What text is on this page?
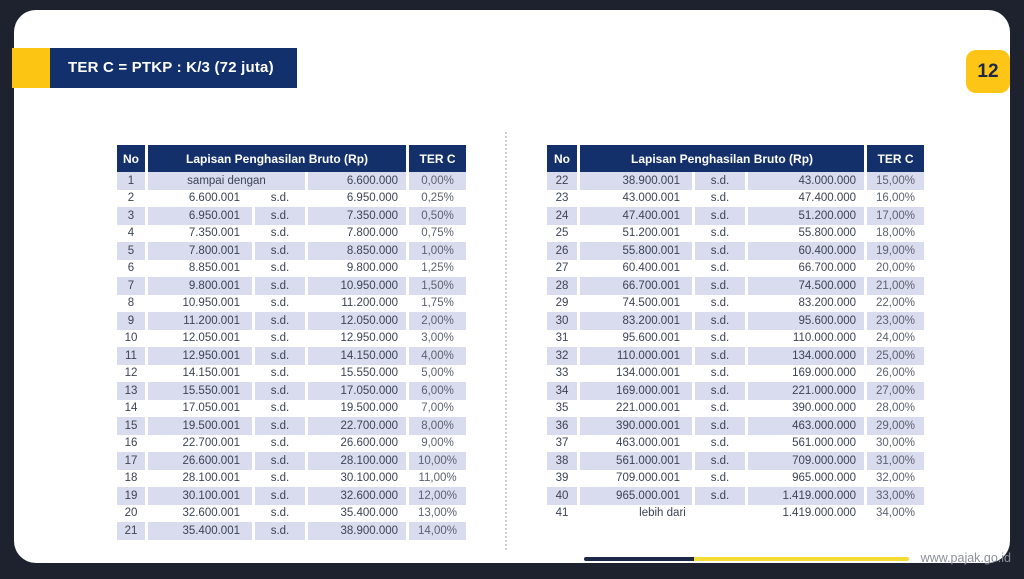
No	Lapisan Penghasilan Bruto (Rp)			TER C
1	sampai dengan		6.600.000	0,00%
2	6.600.001	s.d.	6.950.000	0,25%
3	6.950.001	s.d.	7.350.000	0,50%
4	7.350.001	s.d.	7.800.000	0,75%
5	7.800.001	s.d.	8.850.000	1,00%
6	8.850.001	s.d.	9.800.000	1,25%
7	9.800.001	s.d.	10.950.000	1,50%
8	10.950.001	s.d.	11.200.000	1,75%
9	11.200.001	s.d.	12.050.000	2,00%
10	12.050.001	s.d.	12.950.000	3,00%
11	12.950.001	s.d.	14.150.000	4,00%
12	14.150.001	s.d.	15.550.000	5,00%
13	15.550.001	s.d.	17.050.000	6,00%
14	17.050.001	s.d.	19.500.000	7,00%
15	19.500.001	s.d.	22.700.000	8,00%
16	22.700.001	s.d.	26.600.000	9,00%
17	26.600.001	s.d.	28.100.000	10,00%
18	28.100.001	s.d.	30.100.000	11,00%
19	30.100.001	s.d.	32.600.000	12,00%
20	32.600.001	s.d.	35.400.000	13,00%
21	35.400.001	s.d.	38.900.000	14,00%
No	Lapisan Penghasilan Bruto (Rp)			TER C
22	38.900.001	s.d.	43.000.000	15,00%
23	43.000.001	s.d.	47.400.000	16,00%
24	47.400.001	s.d.	51.200.000	17,00%
25	51.200.001	s.d.	55.800.000	18,00%
26	55.800.001	s.d.	60.400.000	19,00%
27	60.400.001	s.d.	66.700.000	20,00%
28	66.700.001	s.d.	74.500.000	21,00%
29	74.500.001	s.d.	83.200.000	22,00%
30	83.200.001	s.d.	95.600.000	23,00%
31	95.600.001	s.d.	110.000.000	24,00%
32	110.000.001	s.d.	134.000.000	25,00%
33	134.000.001	s.d.	169.000.000	26,00%
34	169.000.001	s.d.	221.000.000	27,00%
35	221.000.001	s.d.	390.000.000	28,00%
36	390.000.001	s.d.	463.000.000	29,00%
37	463.000.001	s.d.	561.000.000	30,00%
38	561.000.001	s.d.	709.000.000	31,00%
39	709.000.001	s.d.	965.000.000	32,00%
40	965.000.001	s.d.	1.419.000.000	33,00%
41	lebih dari		1.419.000.000	34,00%
www.pajak.go.id
TER C = PTKP : K/3 (72 juta)	12
